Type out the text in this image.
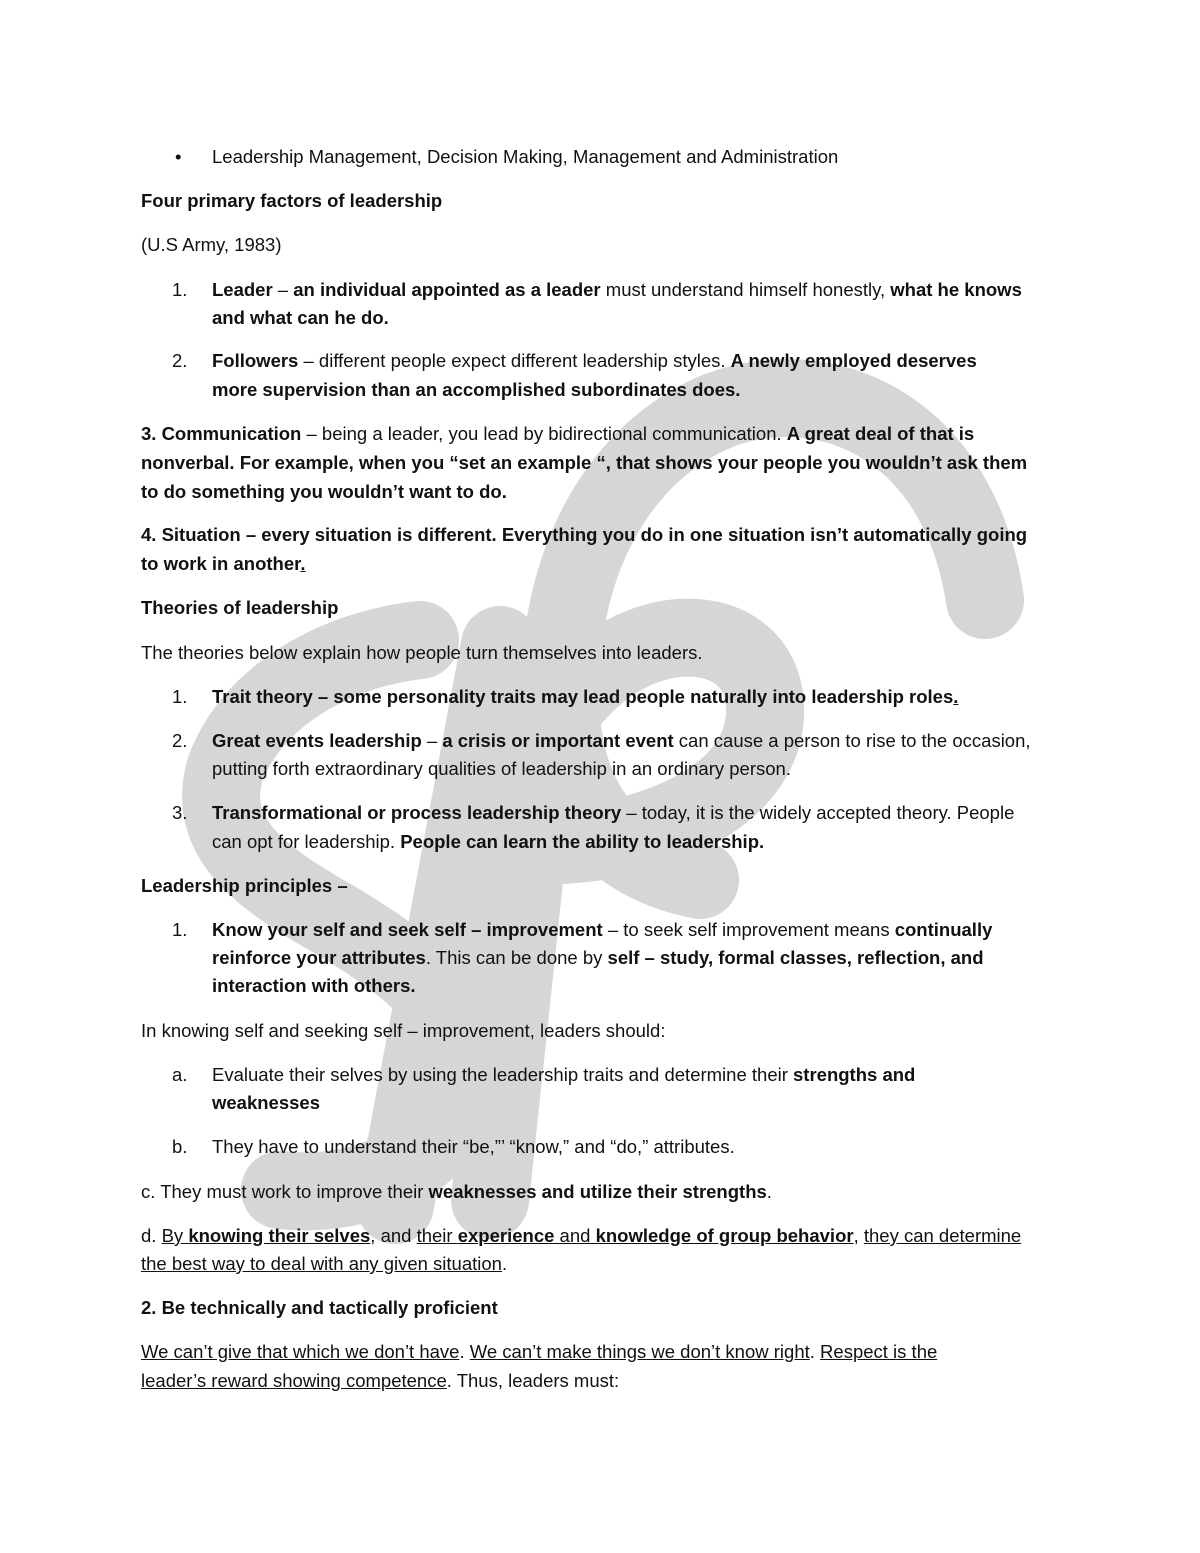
• Leadership Management, Decision Making, Management and Administration
Four primary factors of leadership
(U.S Army, 1983)
1. Leader – an individual appointed as a leader must understand himself honestly, what he knows
and what can he do.
2. Followers – different people expect different leadership styles. A newly employed deserves
more supervision than an accomplished subordinates does.
3. Communication – being a leader, you lead by bidirectional communication. A great deal of that is
nonverbal. For example, when you “set an example “, that shows your people you wouldn’t ask them
to do something you wouldn’t want to do.
4. Situation – every situation is different. Everything you do in one situation isn’t automatically going
to work in another.
Theories of leadership
The theories below explain how people turn themselves into leaders.
1. Trait theory – some personality traits may lead people naturally into leadership roles.
2. Great events leadership – a crisis or important event can cause a person to rise to the occasion,
putting forth extraordinary qualities of leadership in an ordinary person.
3. Transformational or process leadership theory – today, it is the widely accepted theory. People
can opt for leadership. People can learn the ability to leadership.
Leadership principles –
1. Know your self and seek self – improvement – to seek self improvement means continually
reinforce your attributes. This can be done by self – study, formal classes, reflection, and
interaction with others.
In knowing self and seeking self – improvement, leaders should:
a. Evaluate their selves by using the leadership traits and determine their strengths and
weaknesses
b. They have to understand their “be,”’ “know,” and “do,” attributes.
c. They must work to improve their weaknesses and utilize their strengths.
d. By knowing their selves, and their experience and knowledge of group behavior, they can determine
the best way to deal with any given situation.
2. Be technically and tactically proficient
We can’t give that which we don’t have. We can’t make things we don’t know right. Respect is the
leader’s reward showing competence. Thus, leaders must:
